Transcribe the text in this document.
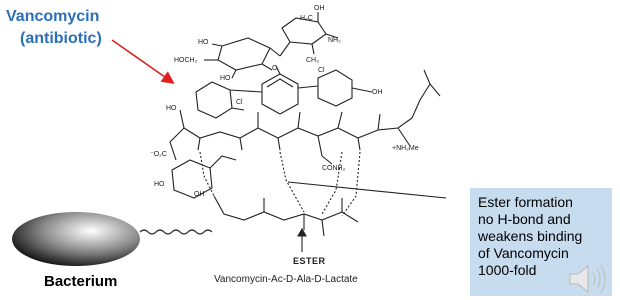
Vancomycin
(antibiotic)
OH
H₃C
NH₂
CH₃
HO
HOCH₂
HO
O	Cl
OH
HO
Cl
+NH₂Me
⁻O₂C
CONH₂
HO
OH
Bacterium
ESTER
Vancomycin-Ac-D-Ala-D-Lactate
Ester formation
no H-bond and
weakens binding
of Vancomycin
1000-fold
